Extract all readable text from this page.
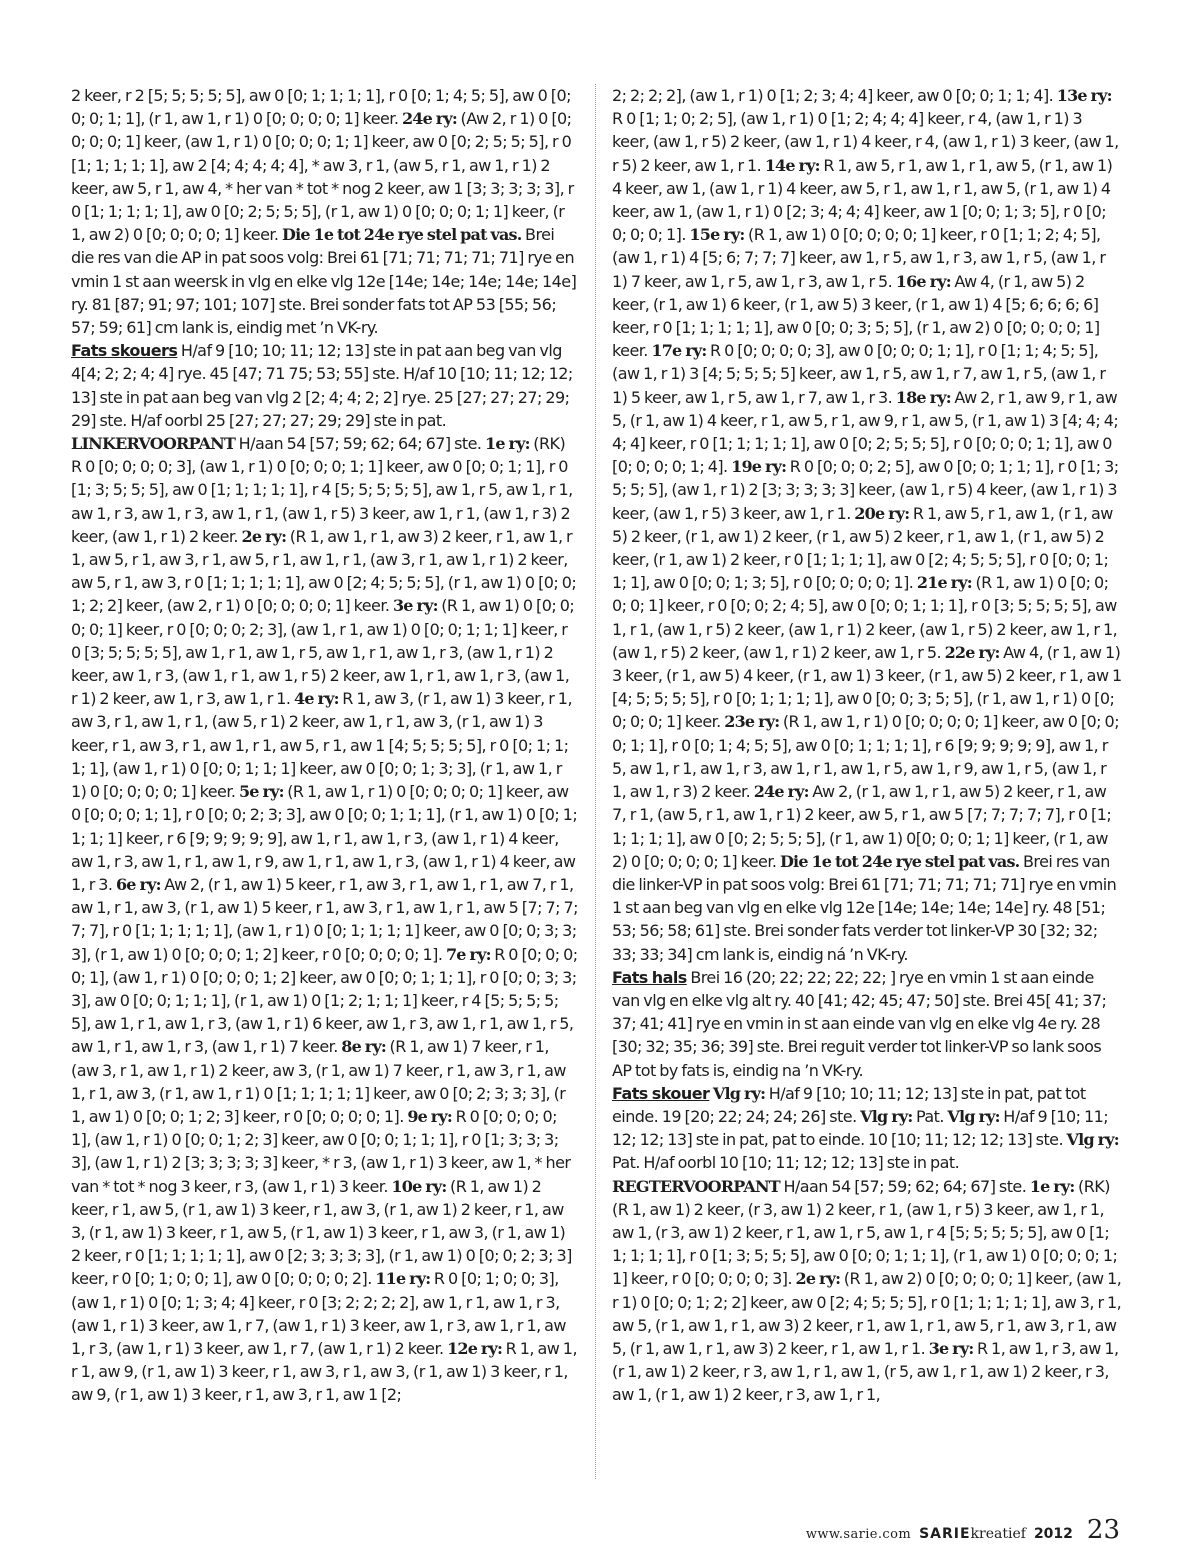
2 keer, r 2 [5; 5; 5; 5; 5], aw 0 [0; 1; 1; 1; 1], r 0 [0; 1; 4; 5; 5], aw 0 [0; 0; 0; 1; 1], (r 1, aw 1, r 1) 0 [0; 0; 0; 0; 1] keer. 24e ry: (Aw 2, r 1) 0 [0; 0; 0; 0; 1] keer, (aw 1, r 1) 0 [0; 0; 0; 1; 1] keer, aw 0 [0; 2; 5; 5; 5], r 0 [1; 1; 1; 1; 1], aw 2 [4; 4; 4; 4; 4], * aw 3, r 1, (aw 5, r 1, aw 1, r 1) 2 keer, aw 5, r 1, aw 4, * her van * tot * nog 2 keer, aw 1 [3; 3; 3; 3; 3], r 0 [1; 1; 1; 1; 1], aw 0 [0; 2; 5; 5; 5], (r 1, aw 1) 0 [0; 0; 0; 1; 1] keer, (r 1, aw 2) 0 [0; 0; 0; 0; 1] keer. Die 1e tot 24e rye stel pat vas. Brei die res van die AP in pat soos volg: Brei 61 [71; 71; 71; 71; 71] rye en vmin 1 st aan weersk in vlg en elke vlg 12e [14e; 14e; 14e; 14e; 14e] ry. 81 [87; 91; 97; 101; 107] ste. Brei sonder fats tot AP 53 [55; 56; 57; 59; 61] cm lank is, eindig met ’n VK-ry.

Fats skouers H/af 9 [10; 10; 11; 12; 13] ste in pat aan beg van vlg 4[4; 2; 2; 4; 4] rye. 45 [47; 71 75; 53; 55] ste. H/af 10 [10; 11; 12; 12; 13] ste in pat aan beg van vlg 2 [2; 4; 4; 2; 2] rye. 25 [27; 27; 27; 29; 29] ste. H/af oorbl 25 [27; 27; 27; 29; 29] ste in pat.

LINKERVOORPANT H/aan 54 [57; 59; 62; 64; 67] ste. 1e ry: (RK) R 0 [0; 0; 0; 0; 3], (aw 1, r 1) 0 [0; 0; 0; 1; 1] keer, aw 0 [0; 0; 1; 1], r 0 [1; 3; 5; 5; 5], aw 0 [1; 1; 1; 1; 1], r 4 [5; 5; 5; 5; 5], aw 1, r 5, aw 1, r 1, aw 1, r 3, aw 1, r 3, aw 1, r 1, (aw 1, r 5) 3 keer, aw 1, r 1, (aw 1, r 3) 2 keer, (aw 1, r 1) 2 keer. 2e ry: (R 1, aw 1, r 1, aw 3) 2 keer, r 1, aw 1, r 1, aw 5, r 1, aw 3, r 1, aw 5, r 1, aw 1, r 1, (aw 3, r 1, aw 1, r 1) 2 keer, aw 5, r 1, aw 3, r 0 [1; 1; 1; 1; 1], aw 0 [2; 4; 5; 5; 5], (r 1, aw 1) 0 [0; 0; 1; 2; 2] keer, (aw 2, r 1) 0 [0; 0; 0; 0; 1] keer. 3e ry: (R 1, aw 1) 0 [0; 0; 0; 0; 1] keer, r 0 [0; 0; 0; 2; 3], (aw 1, r 1, aw 1) 0 [0; 0; 1; 1; 1] keer, r 0 [3; 5; 5; 5; 5], aw 1, r 1, aw 1, r 5, aw 1, r 1, aw 1, r 3, (aw 1, r 1) 2 keer, aw 1, r 3, (aw 1, r 1, aw 1, r 5) 2 keer, aw 1, r 1, aw 1, r 3, (aw 1, r 1) 2 keer, aw 1, r 3, aw 1, r 1. 4e ry: R 1, aw 3, (r 1, aw 1) 3 keer, r 1, aw 3, r 1, aw 1, r 1, (aw 5, r 1) 2 keer, aw 1, r 1, aw 3, (r 1, aw 1) 3 keer, r 1, aw 3, r 1, aw 1, r 1, aw 5, r 1, aw 1 [4; 5; 5; 5; 5], r 0 [0; 1; 1; 1; 1], (aw 1, r 1) 0 [0; 0; 1; 1; 1] keer, aw 0 [0; 0; 1; 3; 3], (r 1, aw 1, r 1) 0 [0; 0; 0; 0; 1] keer. 5e ry: (R 1, aw 1, r 1) 0 [0; 0; 0; 0; 1] keer, aw 0 [0; 0; 0; 1; 1], r 0 [0; 0; 2; 3; 3], aw 0 [0; 0; 1; 1; 1], (r 1, aw 1) 0 [0; 1; 1; 1; 1] keer, r 6 [9; 9; 9; 9; 9], aw 1, r 1, aw 1, r 3, (aw 1, r 1) 4 keer, aw 1, r 3, aw 1, r 1, aw 1, r 9, aw 1, r 1, aw 1, r 3, (aw 1, r 1) 4 keer, aw 1, r 3. 6e ry: Aw 2, (r 1, aw 1) 5 keer, r 1, aw 3, r 1, aw 1, r 1, aw 7, r 1, aw 1, r 1, aw 3, (r 1, aw 1) 5 keer, r 1, aw 3, r 1, aw 1, r 1, aw 5 [7; 7; 7; 7; 7], r 0 [1; 1; 1; 1; 1], (aw 1, r 1) 0 [0; 1; 1; 1; 1] keer, aw 0 [0; 0; 3; 3; 3], (r 1, aw 1) 0 [0; 0; 0; 1; 2] keer, r 0 [0; 0; 0; 0; 1]. 7e ry: R 0 [0; 0; 0; 0; 1], (aw 1, r 1) 0 [0; 0; 0; 1; 2] keer, aw 0 [0; 0; 1; 1; 1], r 0 [0; 0; 3; 3; 3], aw 0 [0; 0; 1; 1; 1], (r 1, aw 1) 0 [1; 2; 1; 1; 1] keer, r 4 [5; 5; 5; 5; 5], aw 1, r 1, aw 1, r 3, (aw 1, r 1) 6 keer, aw 1, r 3, aw 1, r 1, aw 1, r 5, aw 1, r 1, aw 1, r 3, (aw 1, r 1) 7 keer. 8e ry: (R 1, aw 1) 7 keer, r 1, (aw 3, r 1, aw 1, r 1) 2 keer, aw 3, (r 1, aw 1) 7 keer, r 1, aw 3, r 1, aw 1, r 1, aw 3, (r 1, aw 1, r 1) 0 [1; 1; 1; 1; 1] keer, aw 0 [0; 2; 3; 3; 3], (r 1, aw 1) 0 [0; 0; 1; 2; 3] keer, r 0 [0; 0; 0; 0; 1]. 9e ry: R 0 [0; 0; 0; 0; 1], (aw 1, r 1) 0 [0; 0; 1; 2; 3] keer, aw 0 [0; 0; 1; 1; 1], r 0 [1; 3; 3; 3; 3], (aw 1, r 1) 2 [3; 3; 3; 3; 3] keer, * r 3, (aw 1, r 1) 3 keer, aw 1, * her van * tot * nog 3 keer, r 3, (aw 1, r 1) 3 keer. 10e ry: (R 1, aw 1) 2 keer, r 1, aw 5, (r 1, aw 1) 3 keer, r 1, aw 3, (r 1, aw 1) 2 keer, r 1, aw 3, (r 1, aw 1) 3 keer, r 1, aw 5, (r 1, aw 1) 3 keer, r 1, aw 3, (r 1, aw 1) 2 keer, r 0 [1; 1; 1; 1; 1], aw 0 [2; 3; 3; 3; 3], (r 1, aw 1) 0 [0; 0; 2; 3; 3] keer, r 0 [0; 1; 0; 0; 1], aw 0 [0; 0; 0; 0; 2]. 11e ry: R 0 [0; 1; 0; 0; 3], (aw 1, r 1) 0 [0; 1; 3; 4; 4] keer, r 0 [3; 2; 2; 2; 2], aw 1, r 1, aw 1, r 3, (aw 1, r 1) 3 keer, aw 1, r 7, (aw 1, r 1) 3 keer, aw 1, r 3, aw 1, r 1, aw 1, r 3, (aw 1, r 1) 3 keer, aw 1, r 7, (aw 1, r 1) 2 keer. 12e ry: R 1, aw 1, r 1, aw 9, (r 1, aw 1) 3 keer, r 1, aw 3, r 1, aw 3, (r 1, aw 1) 3 keer, r 1, aw 9, (r 1, aw 1) 3 keer, r 1, aw 3, r 1, aw 1 [2;

2; 2; 2; 2], (aw 1, r 1) 0 [1; 2; 3; 4; 4] keer, aw 0 [0; 0; 1; 1; 4]. 13e ry: R 0 [1; 1; 0; 2; 5], (aw 1, r 1) 0 [1; 2; 4; 4; 4] keer, r 4, (aw 1, r 1) 3 keer, (aw 1, r 5) 2 keer, (aw 1, r 1) 4 keer, r 4, (aw 1, r 1) 3 keer, (aw 1, r 5) 2 keer, aw 1, r 1. 14e ry: R 1, aw 5, r 1, aw 1, r 1, aw 5, (r 1, aw 1) 4 keer, aw 1, (aw 1, r 1) 4 keer, aw 5, r 1, aw 1, r 1, aw 5, (r 1, aw 1) 4 keer, aw 1, (aw 1, r 1) 0 [2; 3; 4; 4; 4] keer, aw 1 [0; 0; 1; 3; 5], r 0 [0; 0; 0; 0; 1]. 15e ry: (R 1, aw 1) 0 [0; 0; 0; 0; 1] keer, r 0 [1; 1; 2; 4; 5], (aw 1, r 1) 4 [5; 6; 7; 7; 7] keer, aw 1, r 5, aw 1, r 3, aw 1, r 5, (aw 1, r 1) 7 keer, aw 1, r 5, aw 1, r 3, aw 1, r 5. 16e ry: Aw 4, (r 1, aw 5) 2 keer, (r 1, aw 1) 6 keer, (r 1, aw 5) 3 keer, (r 1, aw 1) 4 [5; 6; 6; 6; 6] keer, r 0 [1; 1; 1; 1; 1], aw 0 [0; 0; 3; 5; 5], (r 1, aw 2) 0 [0; 0; 0; 0; 1] keer. 17e ry: R 0 [0; 0; 0; 0; 3], aw 0 [0; 0; 0; 1; 1], r 0 [1; 1; 4; 5; 5], (aw 1, r 1) 3 [4; 5; 5; 5; 5] keer, aw 1, r 5, aw 1, r 7, aw 1, r 5, (aw 1, r 1) 5 keer, aw 1, r 5, aw 1, r 7, aw 1, r 3. 18e ry: Aw 2, r 1, aw 9, r 1, aw 5, (r 1, aw 1) 4 keer, r 1, aw 5, r 1, aw 9, r 1, aw 5, (r 1, aw 1) 3 [4; 4; 4; 4; 4] keer, r 0 [1; 1; 1; 1; 1], aw 0 [0; 2; 5; 5; 5], r 0 [0; 0; 0; 1; 1], aw 0 [0; 0; 0; 0; 1; 4]. 19e ry: R 0 [0; 0; 0; 2; 5], aw 0 [0; 0; 1; 1; 1], r 0 [1; 3; 5; 5; 5], (aw 1, r 1) 2 [3; 3; 3; 3; 3] keer, (aw 1, r 5) 4 keer, (aw 1, r 1) 3 keer, (aw 1, r 5) 3 keer, aw 1, r 1. 20e ry: R 1, aw 5, r 1, aw 1, (r 1, aw 5) 2 keer, (r 1, aw 1) 2 keer, (r 1, aw 5) 2 keer, r 1, aw 1, (r 1, aw 5) 2 keer, (r 1, aw 1) 2 keer, r 0 [1; 1; 1; 1], aw 0 [2; 4; 5; 5; 5], r 0 [0; 0; 1; 1; 1], aw 0 [0; 0; 1; 3; 5], r 0 [0; 0; 0; 0; 1]. 21e ry: (R 1, aw 1) 0 [0; 0; 0; 0; 1] keer, r 0 [0; 0; 2; 4; 5], aw 0 [0; 0; 1; 1; 1], r 0 [3; 5; 5; 5; 5], aw 1, r 1, (aw 1, r 5) 2 keer, (aw 1, r 1) 2 keer, (aw 1, r 5) 2 keer, aw 1, r 1, (aw 1, r 5) 2 keer, (aw 1, r 1) 2 keer, aw 1, r 5. 22e ry: Aw 4, (r 1, aw 1) 3 keer, (r 1, aw 5) 4 keer, (r 1, aw 1) 3 keer, (r 1, aw 5) 2 keer, r 1, aw 1 [4; 5; 5; 5; 5], r 0 [0; 1; 1; 1; 1], aw 0 [0; 0; 3; 5; 5], (r 1, aw 1, r 1) 0 [0; 0; 0; 0; 1] keer. 23e ry: (R 1, aw 1, r 1) 0 [0; 0; 0; 0; 1] keer, aw 0 [0; 0; 0; 1; 1], r 0 [0; 1; 4; 5; 5], aw 0 [0; 1; 1; 1; 1], r 6 [9; 9; 9; 9; 9], aw 1, r 5, aw 1, r 1, aw 1, r 3, aw 1, r 1, aw 1, r 5, aw 1, r 9, aw 1, r 5, (aw 1, r 1, aw 1, r 3) 2 keer. 24e ry: Aw 2, (r 1, aw 1, r 1, aw 5) 2 keer, r 1, aw 7, r 1, (aw 5, r 1, aw 1, r 1) 2 keer, aw 5, r 1, aw 5 [7; 7; 7; 7; 7], r 0 [1; 1; 1; 1; 1], aw 0 [0; 2; 5; 5; 5], (r 1, aw 1) 0[0; 0; 0; 1; 1] keer, (r 1, aw 2) 0 [0; 0; 0; 0; 1] keer. Die 1e tot 24e rye stel pat vas. Brei res van die linker-VP in pat soos volg: Brei 61 [71; 71; 71; 71; 71] rye en vmin 1 st aan beg van vlg en elke vlg 12e [14e; 14e; 14e; 14e] ry. 48 [51; 53; 56; 58; 61] ste. Brei sonder fats verder tot linker-VP 30 [32; 32; 33; 33; 34] cm lank is, eindig ná ’n VK-ry.

Fats hals Brei 16 (20; 22; 22; 22; 22; ] rye en vmin 1 st aan einde van vlg en elke vlg alt ry. 40 [41; 42; 45; 47; 50] ste. Brei 45[ 41; 37; 37; 41; 41] rye en vmin in st aan einde van vlg en elke vlg 4e ry. 28 [30; 32; 35; 36; 39] ste. Brei reguit verder tot linker-VP so lank soos AP tot by fats is, eindig na ’n VK-ry.

Fats skouer Vlg ry: H/af 9 [10; 10; 11; 12; 13] ste in pat, pat tot einde. 19 [20; 22; 24; 24; 26] ste. Vlg ry: Pat. Vlg ry: H/af 9 [10; 11; 12; 12; 13] ste in pat, pat to einde. 10 [10; 11; 12; 12; 13] ste. Vlg ry: Pat. H/af oorbl 10 [10; 11; 12; 12; 13] ste in pat.

REGTERVOORPANT H/aan 54 [57; 59; 62; 64; 67] ste. 1e ry: (RK) (R 1, aw 1) 2 keer, (r 3, aw 1) 2 keer, r 1, (aw 1, r 5) 3 keer, aw 1, r 1, aw 1, (r 3, aw 1) 2 keer, r 1, aw 1, r 5, aw 1, r 4 [5; 5; 5; 5; 5], aw 0 [1; 1; 1; 1; 1], r 0 [1; 3; 5; 5; 5], aw 0 [0; 0; 1; 1; 1], (r 1, aw 1) 0 [0; 0; 0; 1; 1] keer, r 0 [0; 0; 0; 0; 3]. 2e ry: (R 1, aw 2) 0 [0; 0; 0; 0; 1] keer, (aw 1, r 1) 0 [0; 0; 1; 2; 2] keer, aw 0 [2; 4; 5; 5; 5], r 0 [1; 1; 1; 1; 1], aw 3, r 1, aw 5, (r 1, aw 1, r 1, aw 3) 2 keer, r 1, aw 1, r 1, aw 5, r 1, aw 3, r 1, aw 5, (r 1, aw 1, r 1, aw 3) 2 keer, r 1, aw 1, r 1. 3e ry: R 1, aw 1, r 3, aw 1, (r 1, aw 1) 2 keer, r 3, aw 1, r 1, aw 1, (r 5, aw 1, r 1, aw 1) 2 keer, r 3, aw 1, (r 1, aw 1) 2 keer, r 3, aw 1, r 1,

www.sarie.com SARIE kreatief 2012 23
